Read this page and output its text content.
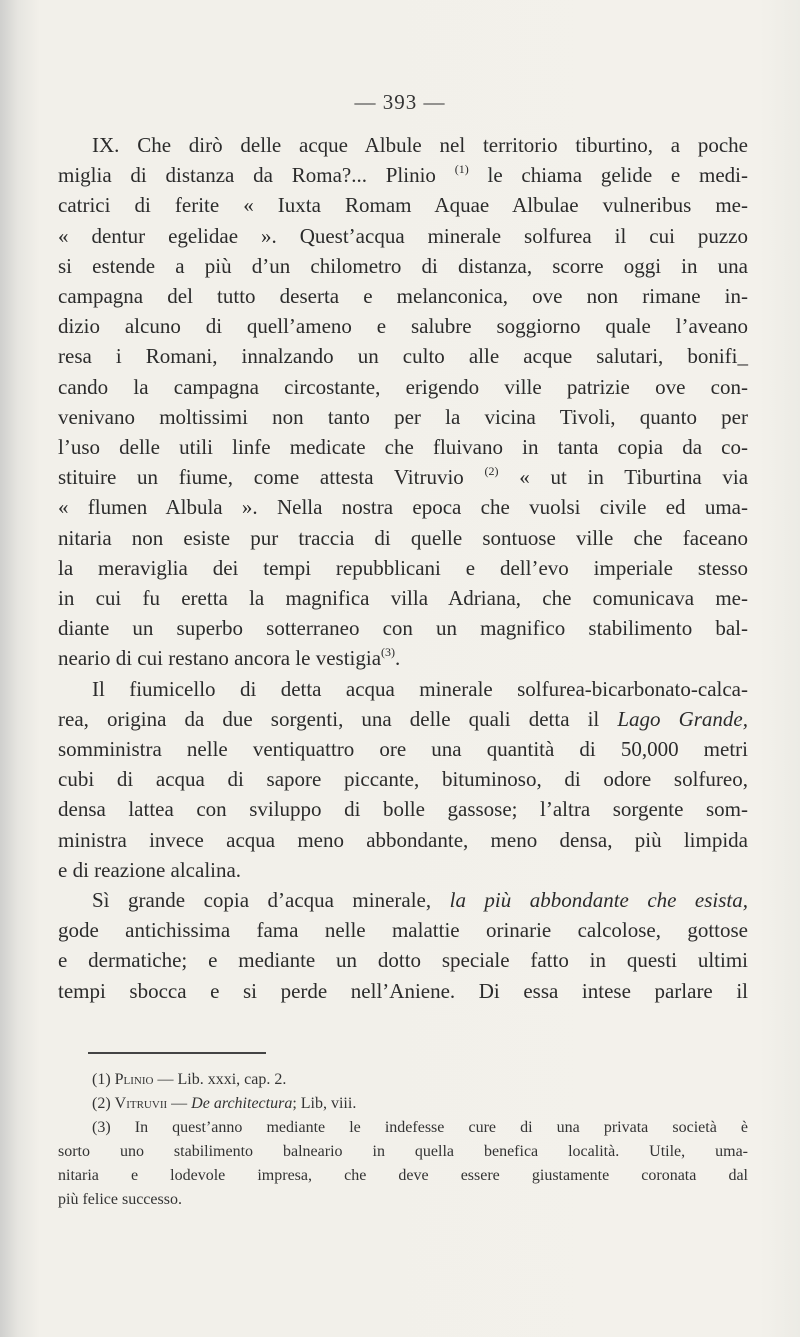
— 393 —
IX. Che dirò delle acque Albule nel territorio tiburtino, a poche
miglia di distanza da Roma?... Plinio $^{(1)}$ le chiama gelide e medi-
catrici di ferite « Iuxta Romam Aquae Albulae vulneribus me-
« dentur egelidae ». Quest’acqua minerale solfurea il cui puzzo
si estende a più d’un chilometro di distanza, scorre oggi in una
campagna del tutto deserta e melanconica, ove non rimane in-
dizio alcuno di quell’ameno e salubre soggiorno quale l’aveano
resa i Romani, innalzando un culto alle acque salutari, bonifi_
cando la campagna circostante, erigendo ville patrizie ove con-
venivano moltissimi non tanto per la vicina Tivoli, quanto per
l’uso delle utili linfe medicate che fluivano in tanta copia da co-
stituire un fiume, come attesta Vitruvio $^{(2)}$ « ut in Tiburtina via
« flumen Albula ». Nella nostra epoca che vuolsi civile ed uma-
nitaria non esiste pur traccia di quelle sontuose ville che faceano
la meraviglia dei tempi repubblicani e dell’evo imperiale stesso
in cui fu eretta la magnifica villa Adriana, che comunicava me-
diante un superbo sotterraneo con un magnifico stabilimento bal-
neario di cui restano ancora le vestigia$^{(3)}$.
Il fiumicello di detta acqua minerale solfurea-bicarbonato-calca-
rea, origina da due sorgenti, una delle quali detta il Lago Grande,
somministra nelle ventiquattro ore una quantità di 50,000 metri
cubi di acqua di sapore piccante, bituminoso, di odore solfureo,
densa lattea con sviluppo di bolle gassose; l’altra sorgente som-
ministra invece acqua meno abbondante, meno densa, più limpida
e di reazione alcalina.
Sì grande copia d’acqua minerale, la più abbondante che esista,
gode antichissima fama nelle malattie orinarie calcolose, gottose
e dermatiche; e mediante un dotto speciale fatto in questi ultimi
tempi sbocca e si perde nell’Aniene. Di essa intese parlare il
(1) Plinio — Lib. xxxi, cap. 2.
(2) Vitruvii — De architectura; Lib, viii.
(3) In quest’anno mediante le indefesse cure di una privata società è
sorto uno stabilimento balneario in quella benefica località. Utile, uma-
nitaria e lodevole impresa, che deve essere giustamente coronata dal
più felice successo.
